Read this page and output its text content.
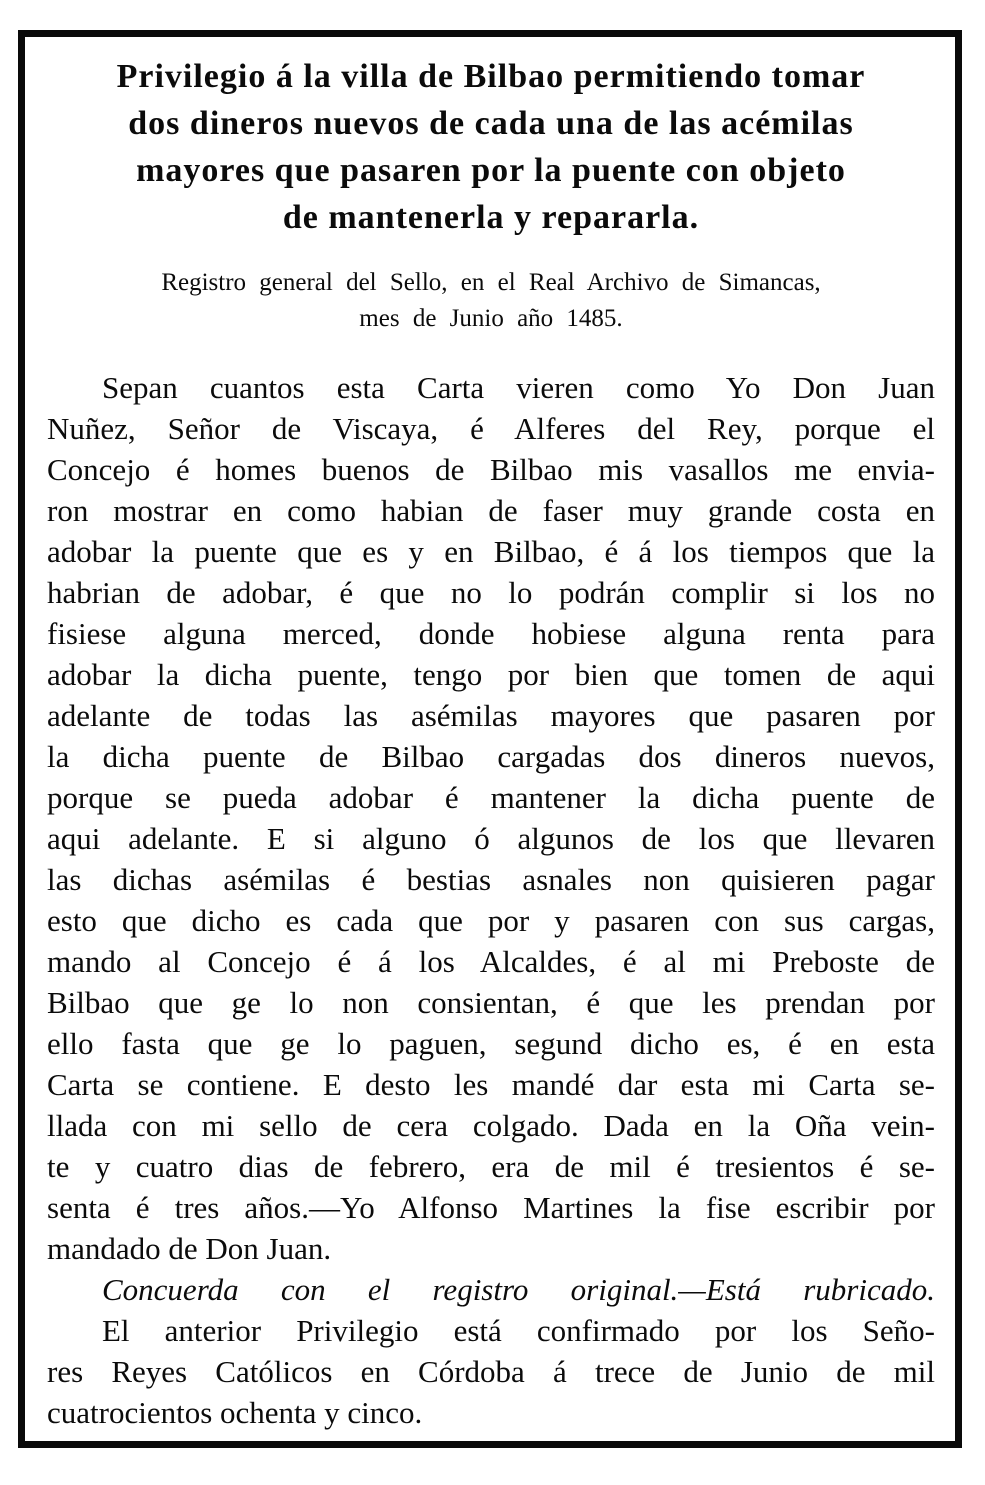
Privilegio á la villa de Bilbao permitiendo tomar
dos dineros nuevos de cada una de las acémilas
mayores que pasaren por la puente con objeto
de mantenerla y repararla.
Registro general del Sello, en el Real Archivo de Simancas,
mes de Junio año 1485.
Sepan cuantos esta Carta vieren como Yo Don Juan
Nuñez, Señor de Viscaya, é Alferes del Rey, porque el
Concejo é homes buenos de Bilbao mis vasallos me envia-
ron mostrar en como habian de faser muy grande costa en
adobar la puente que es y en Bilbao, é á los tiempos que la
habrian de adobar, é que no lo podrán complir si los no
fisiese alguna merced, donde hobiese alguna renta para
adobar la dicha puente, tengo por bien que tomen de aqui
adelante de todas las asémilas mayores que pasaren por
la dicha puente de Bilbao cargadas dos dineros nuevos,
porque se pueda adobar é mantener la dicha puente de
aqui adelante. E si alguno ó algunos de los que llevaren
las dichas asémilas é bestias asnales non quisieren pagar
esto que dicho es cada que por y pasaren con sus cargas,
mando al Concejo é á los Alcaldes, é al mi Preboste de
Bilbao que ge lo non consientan, é que les prendan por
ello fasta que ge lo paguen, segund dicho es, é en esta
Carta se contiene. E desto les mandé dar esta mi Carta se-
llada con mi sello de cera colgado. Dada en la Oña vein-
te y cuatro dias de febrero, era de mil é tresientos é se-
senta é tres años.—Yo Alfonso Martines la fise escribir por
mandado de Don Juan.
Concuerda con el registro original.—Está rubricado.
El anterior Privilegio está confirmado por los Seño-
res Reyes Católicos en Córdoba á trece de Junio de mil
cuatrocientos ochenta y cinco.
